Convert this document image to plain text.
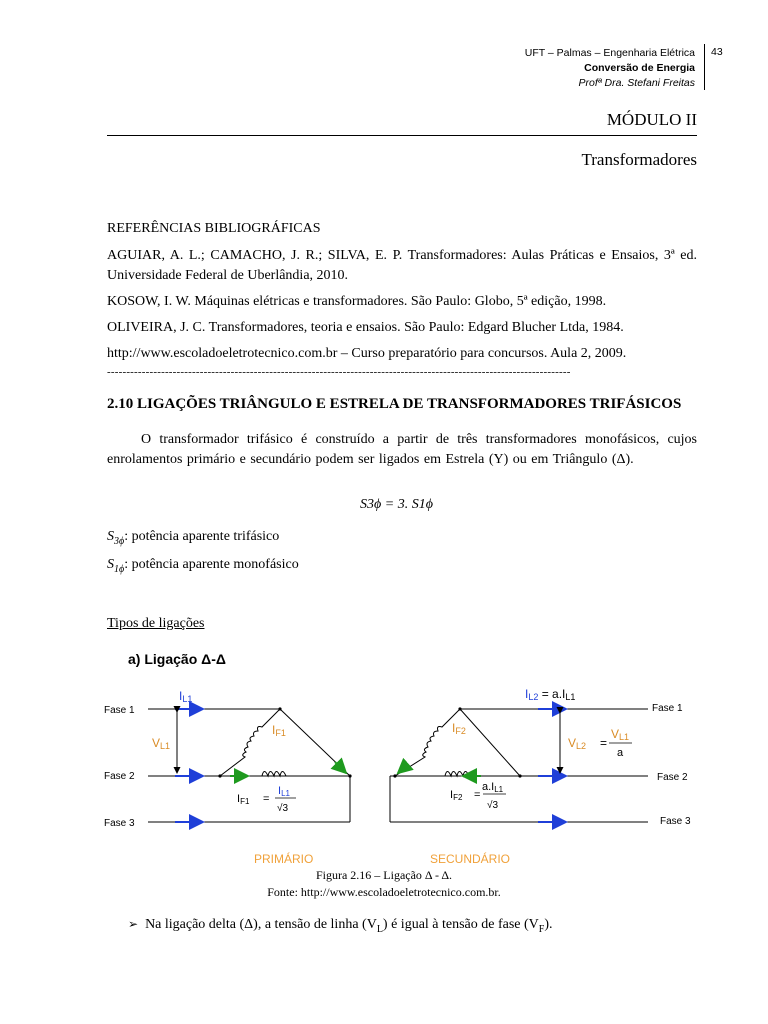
UFT – Palmas – Engenharia Elétrica
Conversão de Energia
Profª Dra. Stefani Freitas
43
MÓDULO II
Transformadores
REFERÊNCIAS BIBLIOGRÁFICAS
AGUIAR, A. L.; CAMACHO, J. R.; SILVA, E. P. Transformadores: Aulas Práticas e Ensaios, 3ª ed. Universidade Federal de Uberlândia, 2010.
KOSOW, I. W. Máquinas elétricas e transformadores. São Paulo: Globo, 5ª edição, 1998.
OLIVEIRA, J. C. Transformadores, teoria e ensaios. São Paulo: Edgard Blucher Ltda, 1984.
http://www.escoladoeletrotecnico.com.br – Curso preparatório para concursos. Aula 2, 2009.
------------------------------------------------------------------------------------------------------------------------
2.10 LIGAÇÕES TRIÂNGULO E ESTRELA DE TRANSFORMADORES TRIFÁSICOS
O transformador trifásico é construído a partir de três transformadores monofásicos, cujos enrolamentos primário e secundário podem ser ligados em Estrela (Y) ou em Triângulo (Δ).
S3ϕ = 3. S1ϕ
$S_{3\phi}$: potência aparente trifásico
$S_{1\phi}$: potência aparente monofásico
Tipos de ligações
a) Ligação Δ-Δ
Fase 1
Fase 2
Fase 3
IL1
VL1
IF1
IF1 =
IL1
√3
PRIMÁRIO
Fase 1
Fase 2
Fase 3
IL2 = a.IL1
IF2
VL2 =
VL1
a
IF2 =
a.IL1
√3
SECUNDÁRIO
Figura 2.16 – Ligação Δ - Δ.
Fonte: http://www.escoladoeletrotecnico.com.br.
➢ Na ligação delta (Δ), a tensão de linha $(V_L)$ é igual à tensão de fase $(V_F)$.
